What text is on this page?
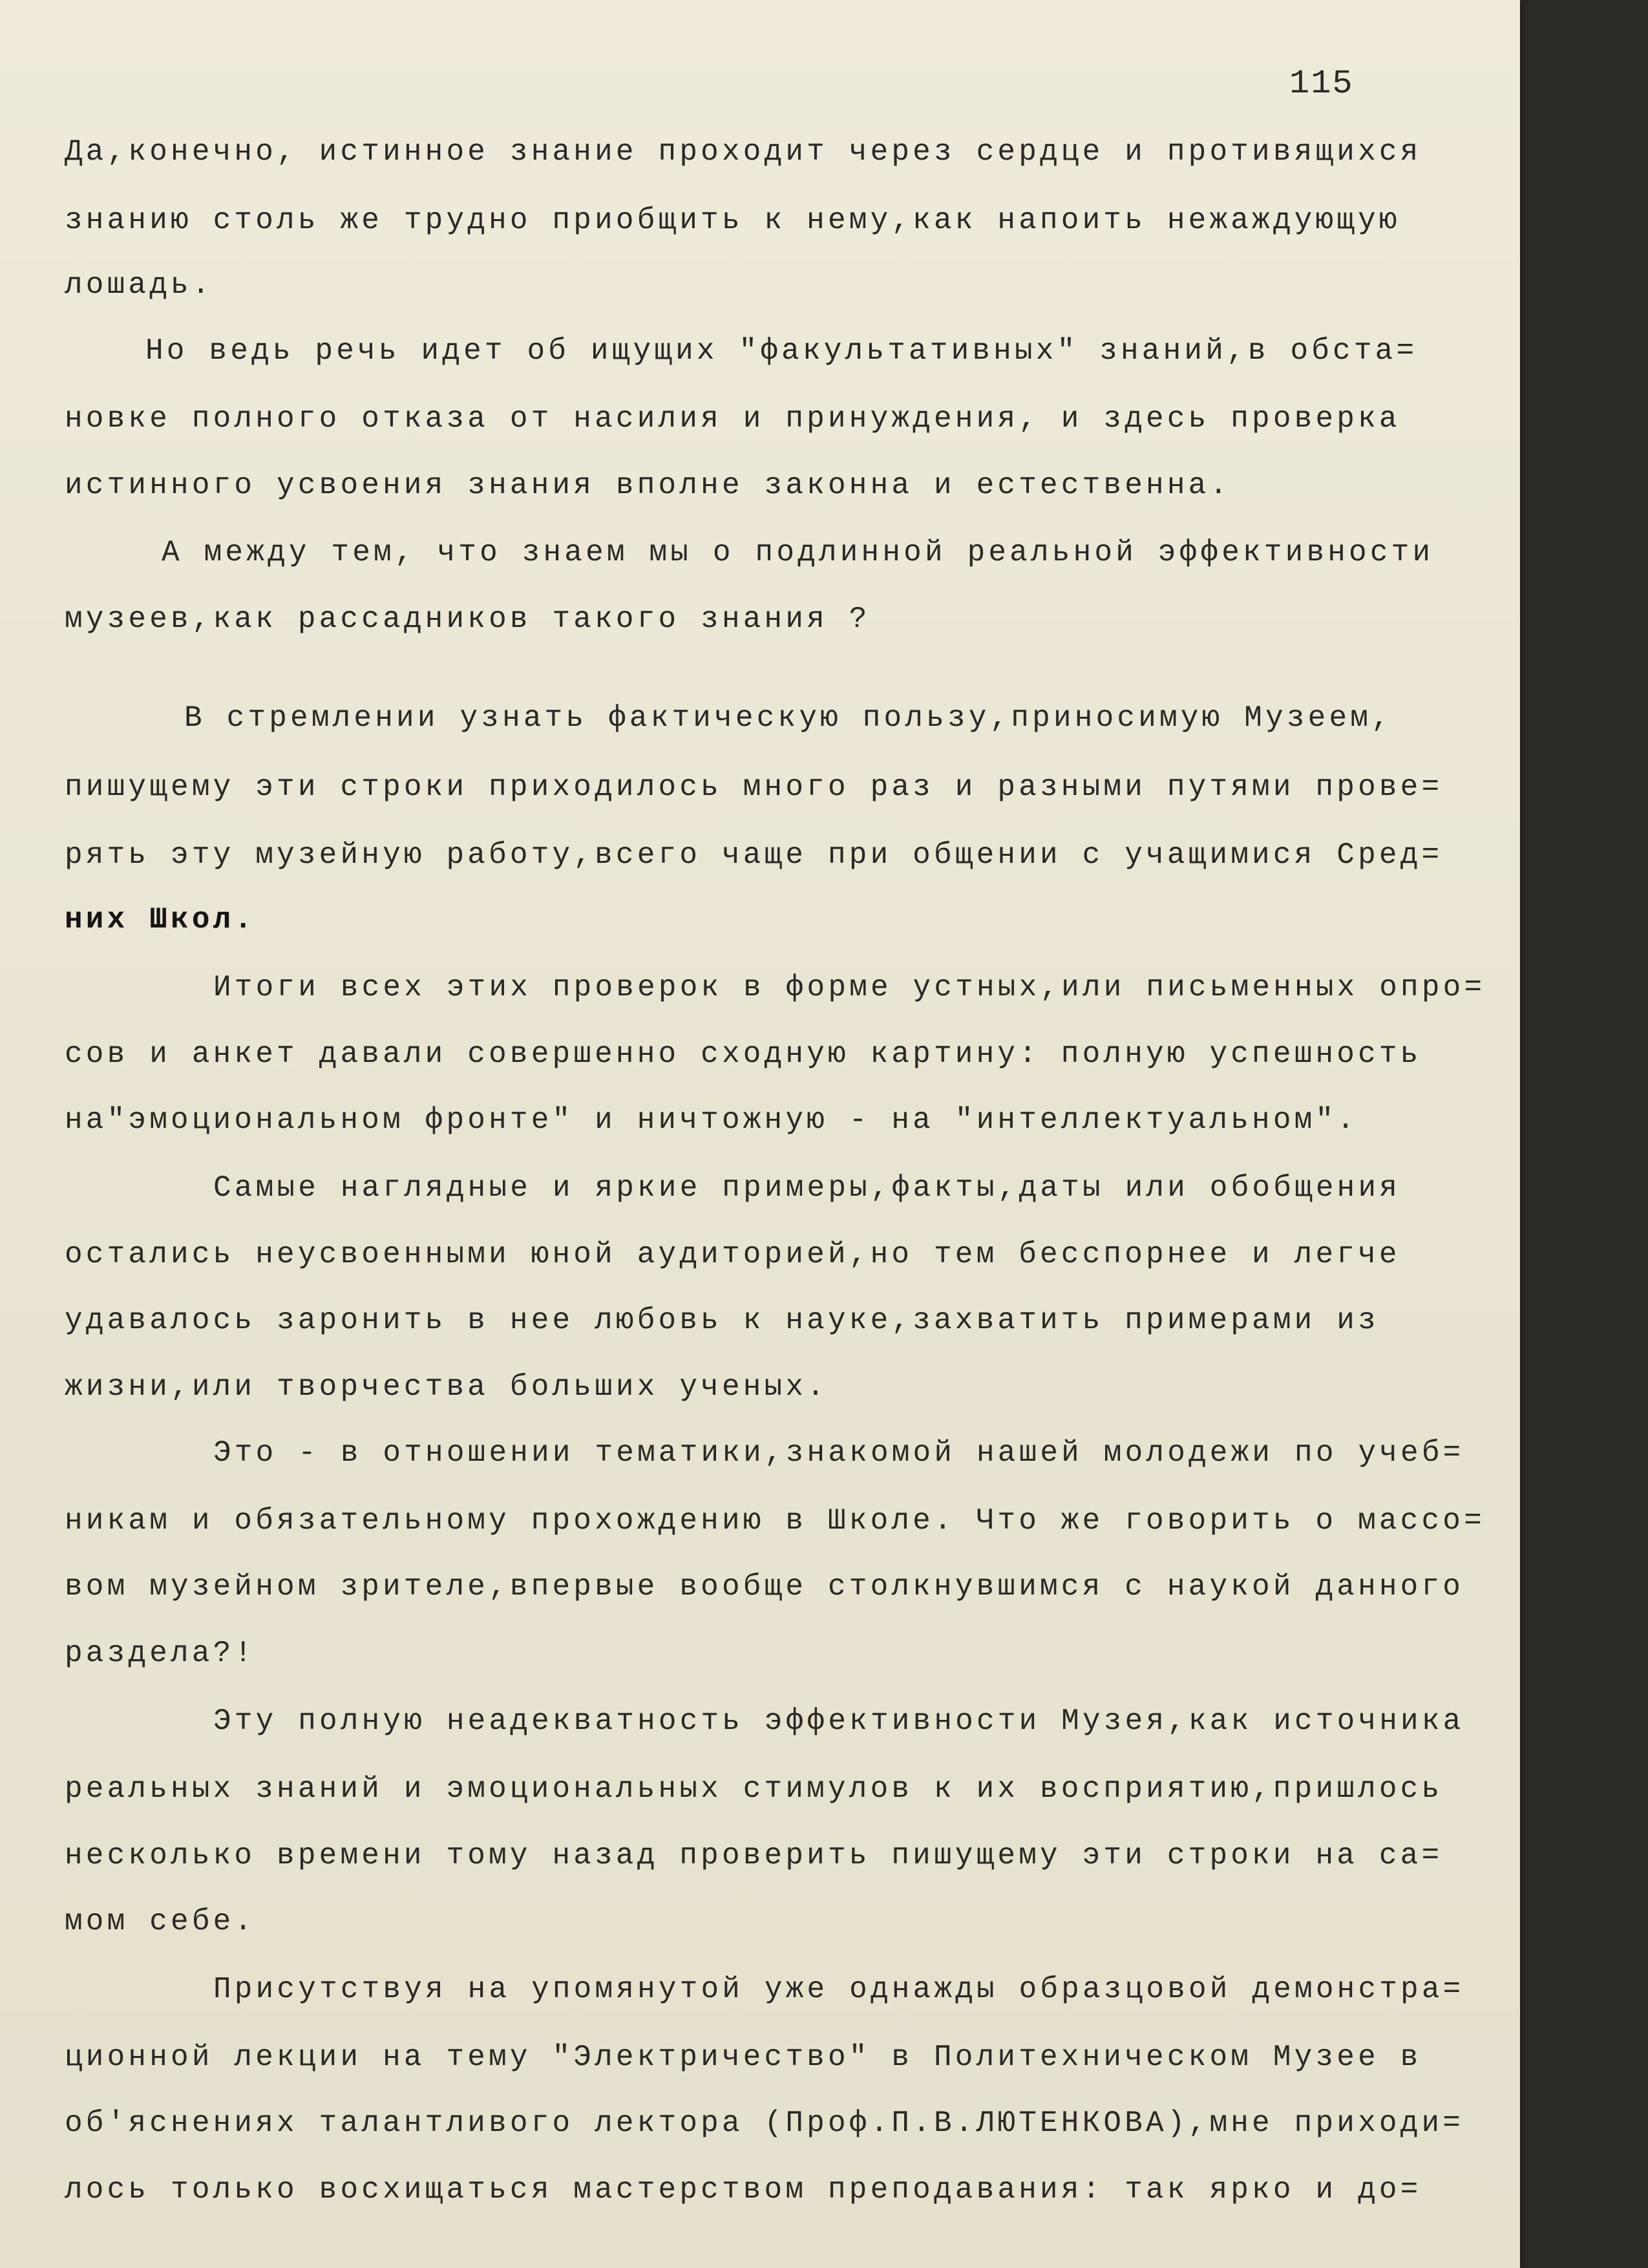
115
Да,конечно, истинное знание проходит через сердце и противящихся
знанию столь же трудно приобщить к нему,как напоить нежаждующую
лошадь.
Но ведь речь идет об ищущих "факультативных" знаний,в обста=
новке полного отказа от насилия и принуждения, и здесь проверка
истинного усвоения знания вполне законна и естественна.
А между тем, что знаем мы о подлинной реальной эффективности
музеев,как рассадников такого знания ?
В стремлении узнать фактическую пользу,приносимую Музеем,
пишущему эти строки приходилось много раз и разными путями прове=
рять эту музейную работу,всего чаще при общении с учащимися Сред=
них Школ.
Итоги всех этих проверок в форме устных,или письменных опро=
сов и анкет давали совершенно сходную картину: полную успешность
на"эмоциональном фронте" и ничтожную - на "интеллектуальном".
Самые наглядные и яркие примеры,факты,даты или обобщения
остались неусвоенными юной аудиторией,но тем бесспорнее и легче
удавалось заронить в нее любовь к науке,захватить примерами из
жизни,или творчества больших ученых.
Это - в отношении тематики,знакомой нашей молодежи по учеб=
никам и обязательному прохождению в Школе. Что же говорить о массо=
вом музейном зрителе,впервые вообще столкнувшимся с наукой данного
раздела?!
Эту полную неадекватность эффективности Музея,как источника
реальных знаний и эмоциональных стимулов к их восприятию,пришлось
несколько времени тому назад проверить пишущему эти строки на са=
мом себе.
Присутствуя на упомянутой уже однажды образцовой демонстра=
ционной лекции на тему "Электричество" в Политехническом Музее в
об'яснениях талантливого лектора (Проф.П.В.ЛЮТЕНКОВА),мне приходи=
лось только восхищаться мастерством преподавания: так ярко и до=
